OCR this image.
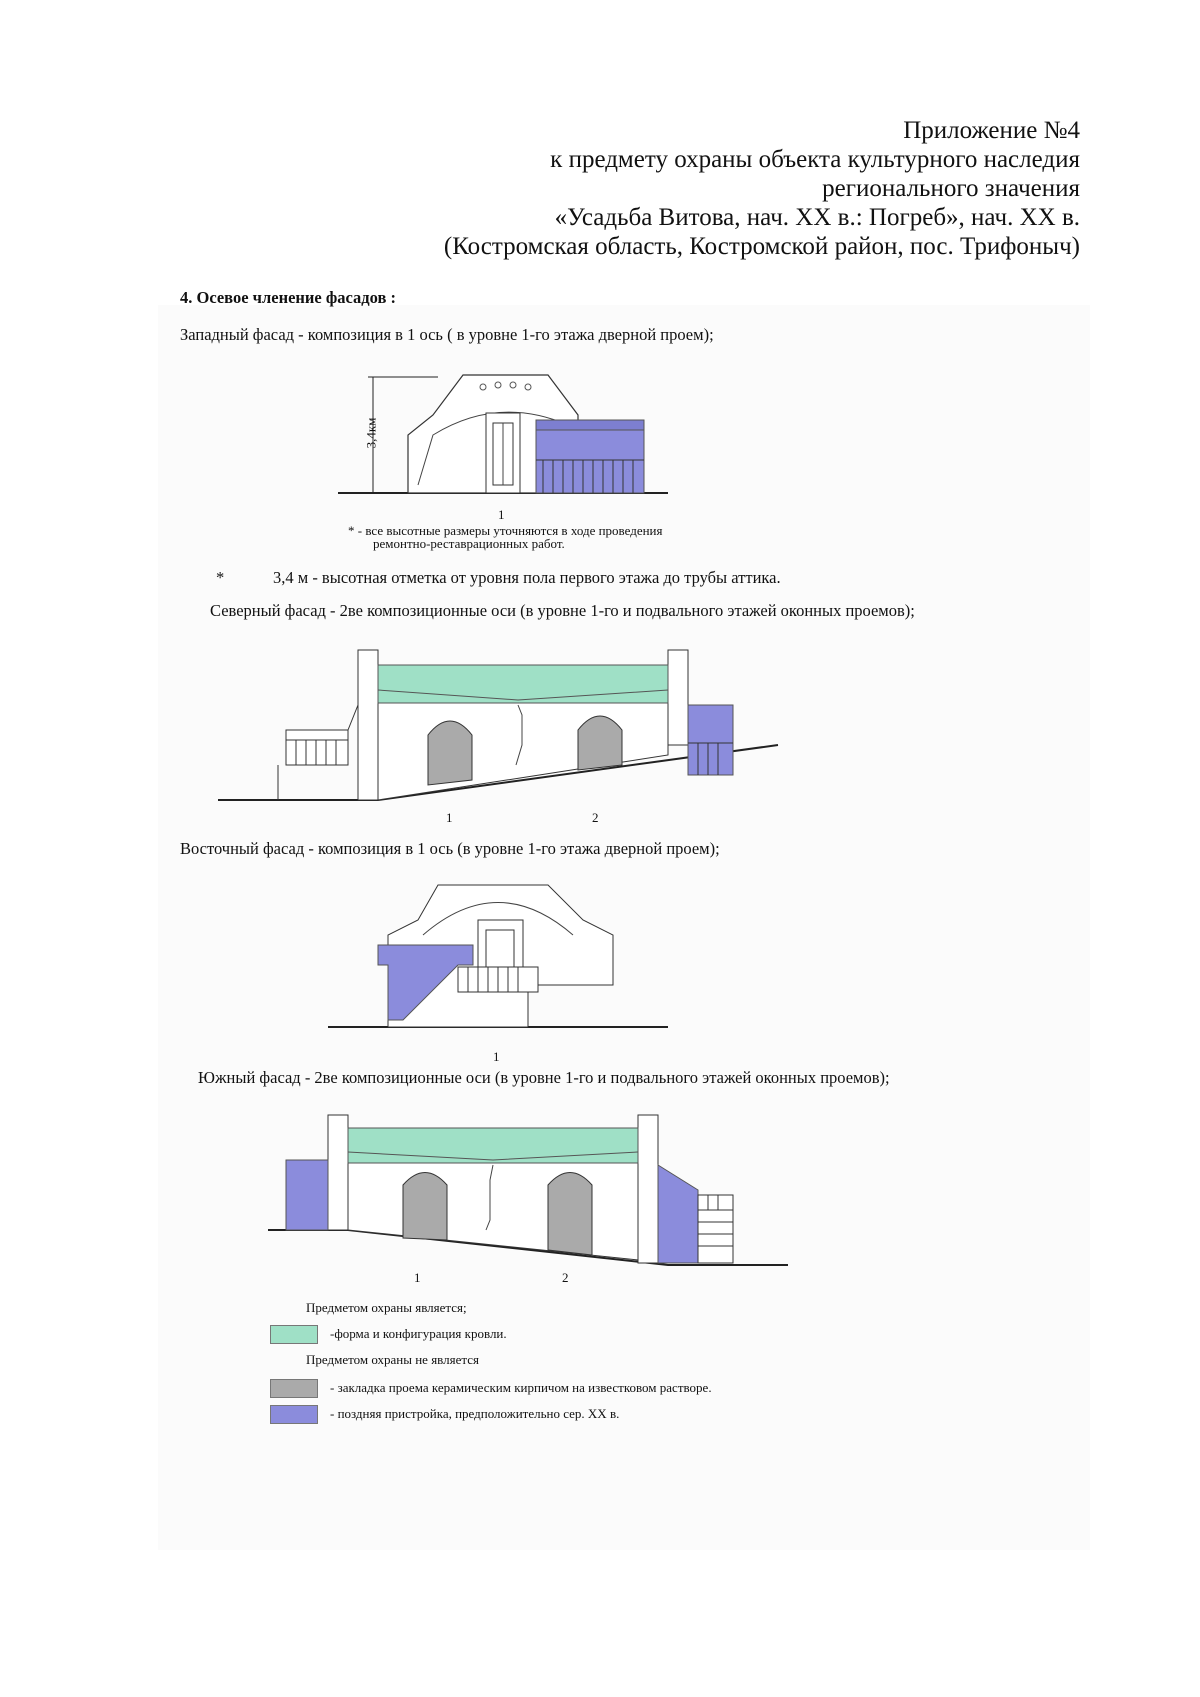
Приложение №4
к предмету охраны объекта культурного наследия
регионального значения
«Усадьба Витова, нач. XX в.: Погреб», нач. XX в.
(Костромская область, Костромской район, пос. Трифоныч)
4. Осевое членение фасадов :
Западный фасад - композиция в 1 ось ( в уровне 1-го этажа дверной проем);
3,4км
1
* - все высотные размеры уточняются в ходе проведения
ремонтно-реставрационных работ.
*	3,4 м - высотная отметка от уровня пола первого этажа до трубы аттика.
Северный фасад - 2ве композиционные оси (в уровне 1-го и подвального этажей оконных проемов);
1	2
Восточный фасад - композиция в 1 ось (в уровне 1-го этажа дверной проем);
1
Южный фасад - 2ве композиционные оси (в уровне 1-го и подвального этажей оконных проемов);
1	2
Предметом охраны является;
-форма и конфигурация кровли.
Предметом охраны не является
- закладка проема керамическим кирпичом на известковом растворе.
- поздняя пристройка, предположительно сер. XX в.
